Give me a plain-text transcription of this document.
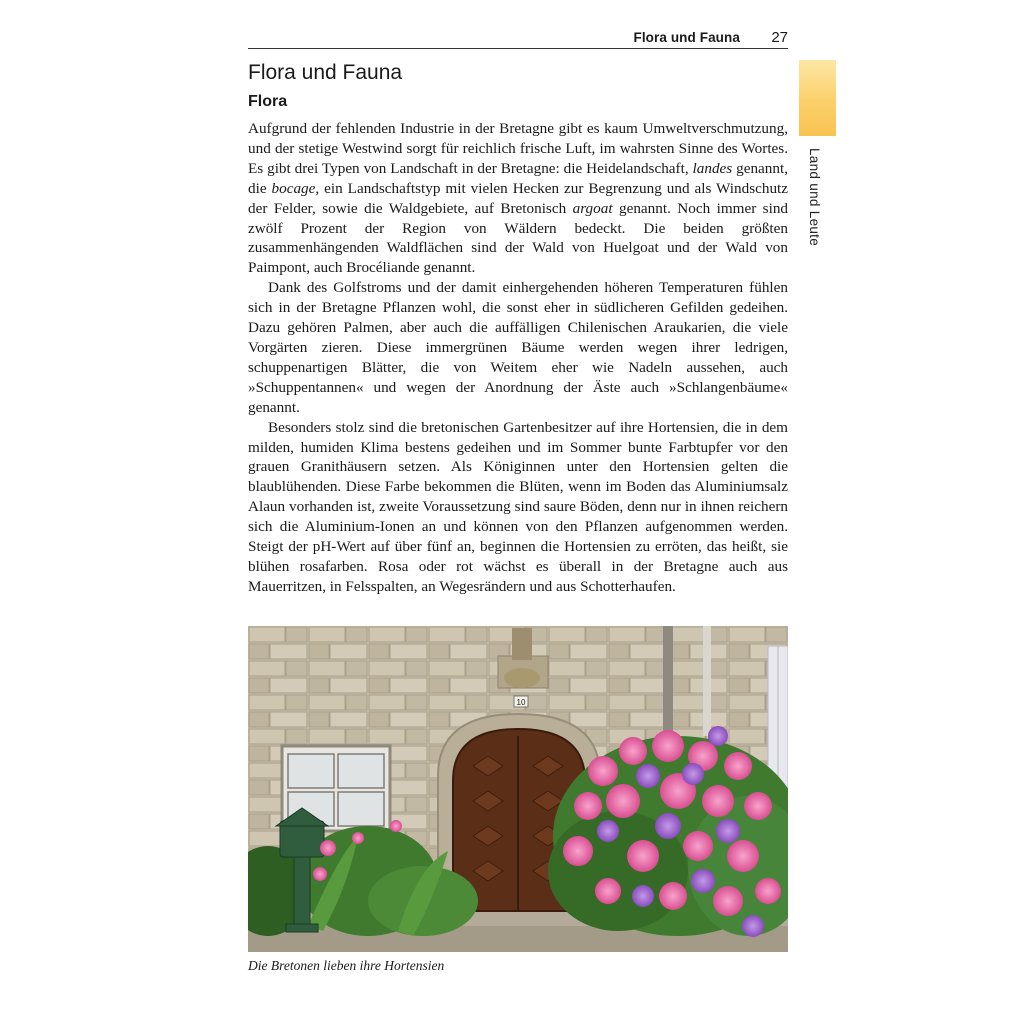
Flora und Fauna 27
Land und Leute
Flora und Fauna
Flora

Aufgrund der fehlenden Industrie in der Bretagne gibt es kaum Umweltverschmutzung, und der stetige Westwind sorgt für reichlich frische Luft, im wahrsten Sinne des Wortes. Es gibt drei Typen von Landschaft in der Bretagne: die Heidelandschaft, landes genannt, die bocage, ein Landschaftstyp mit vielen Hecken zur Begrenzung und als Windschutz der Felder, sowie die Waldgebiete, auf Bretonisch argoat genannt. Noch immer sind zwölf Prozent der Region von Wäldern bedeckt. Die beiden größten zusammenhängenden Waldflächen sind der Wald von Huelgoat und der Wald von Paimpont, auch Brocéliande genannt.

Dank des Golfstroms und der damit einhergehenden höheren Temperaturen fühlen sich in der Bretagne Pflanzen wohl, die sonst eher in südlicheren Gefilden gedeihen. Dazu gehören Palmen, aber auch die auffälligen Chilenischen Araukarien, die viele Vorgärten zieren. Diese immergrünen Bäume werden wegen ihrer ledrigen, schuppenartigen Blätter, die von Weitem eher wie Nadeln aussehen, auch »Schuppentannen« und wegen der Anordnung der Äste auch »Schlangenbäume« genannt.

Besonders stolz sind die bretonischen Gartenbesitzer auf ihre Hortensien, die in dem milden, humiden Klima bestens gedeihen und im Sommer bunte Farbtupfer vor den grauen Granithäusern setzen. Als Königinnen unter den Hortensien gelten die blaublühenden. Diese Farbe bekommen die Blüten, wenn im Boden das Aluminiumsalz Alaun vorhanden ist, zweite Voraussetzung sind saure Böden, denn nur in ihnen reichern sich die Aluminium-Ionen an und können von den Pflanzen aufgenommen werden. Steigt der pH-Wert auf über fünf an, beginnen die Hortensien zu erröten, das heißt, sie blühen rosafarben. Rosa oder rot wächst es überall in der Bretagne auch aus Mauerritzen, in Felsspalten, an Wegesrändern und aus Schotterhaufen.

10
Die Bretonen lieben ihre Hortensien
